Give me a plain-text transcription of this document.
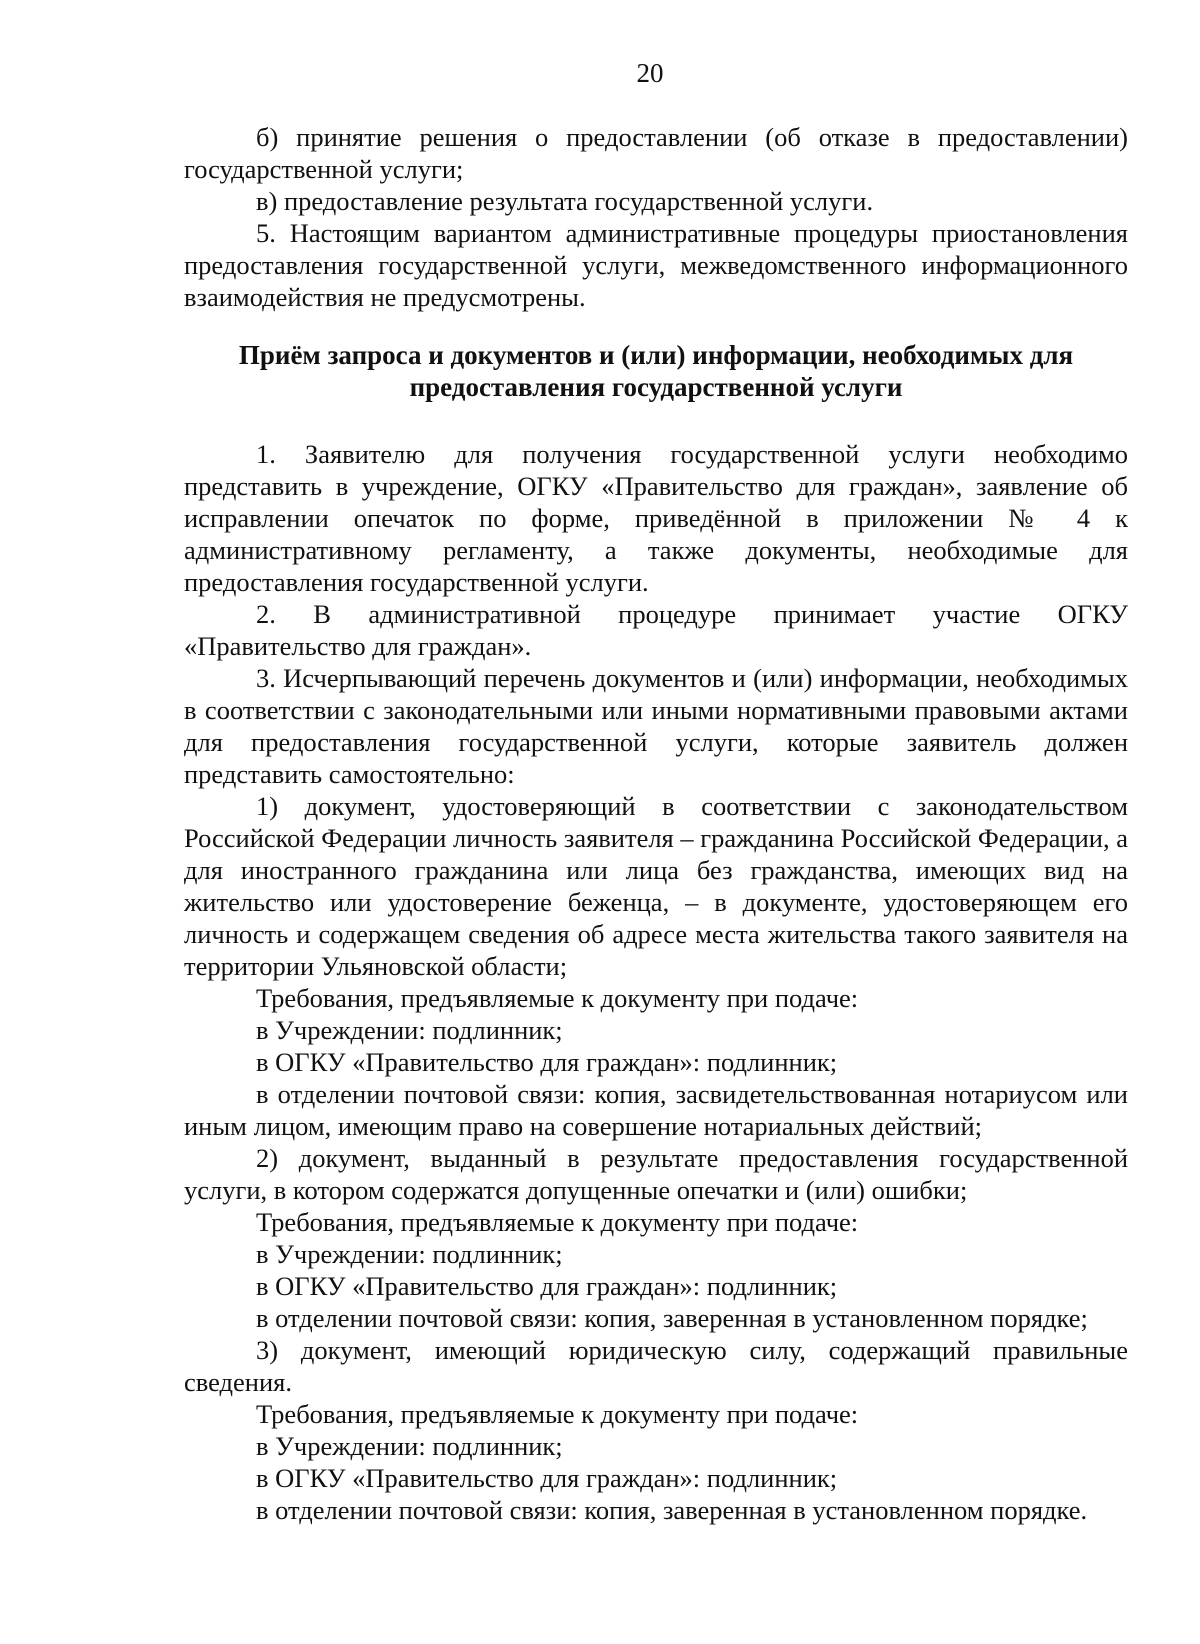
20

б) принятие решения о предоставлении (об отказе в предоставлении) государственной услуги;

в) предоставление результата государственной услуги.

5. Настоящим вариантом административные процедуры приостановления предоставления государственной услуги, межведомственного информационного взаимодействия не предусмотрены.

Приём запроса и документов и (или) информации, необходимых для
предоставления государственной услуги

1. Заявителю для получения государственной услуги необходимо представить в учреждение, ОГКУ «Правительство для граждан», заявление об исправлении опечаток по форме, приведённой в приложении № 4 к административному регламенту, а также документы, необходимые для предоставления государственной услуги.

2. В административной процедуре принимает участие ОГКУ «Правительство для граждан».

3. Исчерпывающий перечень документов и (или) информации, необходимых в соответствии с законодательными или иными нормативными правовыми актами для предоставления государственной услуги, которые заявитель должен представить самостоятельно:

1) документ, удостоверяющий в соответствии с законодательством Российской Федерации личность заявителя – гражданина Российской Федерации, а для иностранного гражданина или лица без гражданства, имеющих вид на жительство или удостоверение беженца, – в документе, удостоверяющем его личность и содержащем сведения об адресе места жительства такого заявителя на территории Ульяновской области;

Требования, предъявляемые к документу при подаче:

в Учреждении: подлинник;

в ОГКУ «Правительство для граждан»: подлинник;

в отделении почтовой связи: копия, засвидетельствованная нотариусом или иным лицом, имеющим право на совершение нотариальных действий;

2) документ, выданный в результате предоставления государственной услуги, в котором содержатся допущенные опечатки и (или) ошибки;

Требования, предъявляемые к документу при подаче:

в Учреждении: подлинник;

в ОГКУ «Правительство для граждан»: подлинник;

в отделении почтовой связи: копия, заверенная в установленном порядке;

3) документ, имеющий юридическую силу, содержащий правильные сведения.

Требования, предъявляемые к документу при подаче:

в Учреждении: подлинник;

в ОГКУ «Правительство для граждан»: подлинник;

в отделении почтовой связи: копия, заверенная в установленном порядке.
